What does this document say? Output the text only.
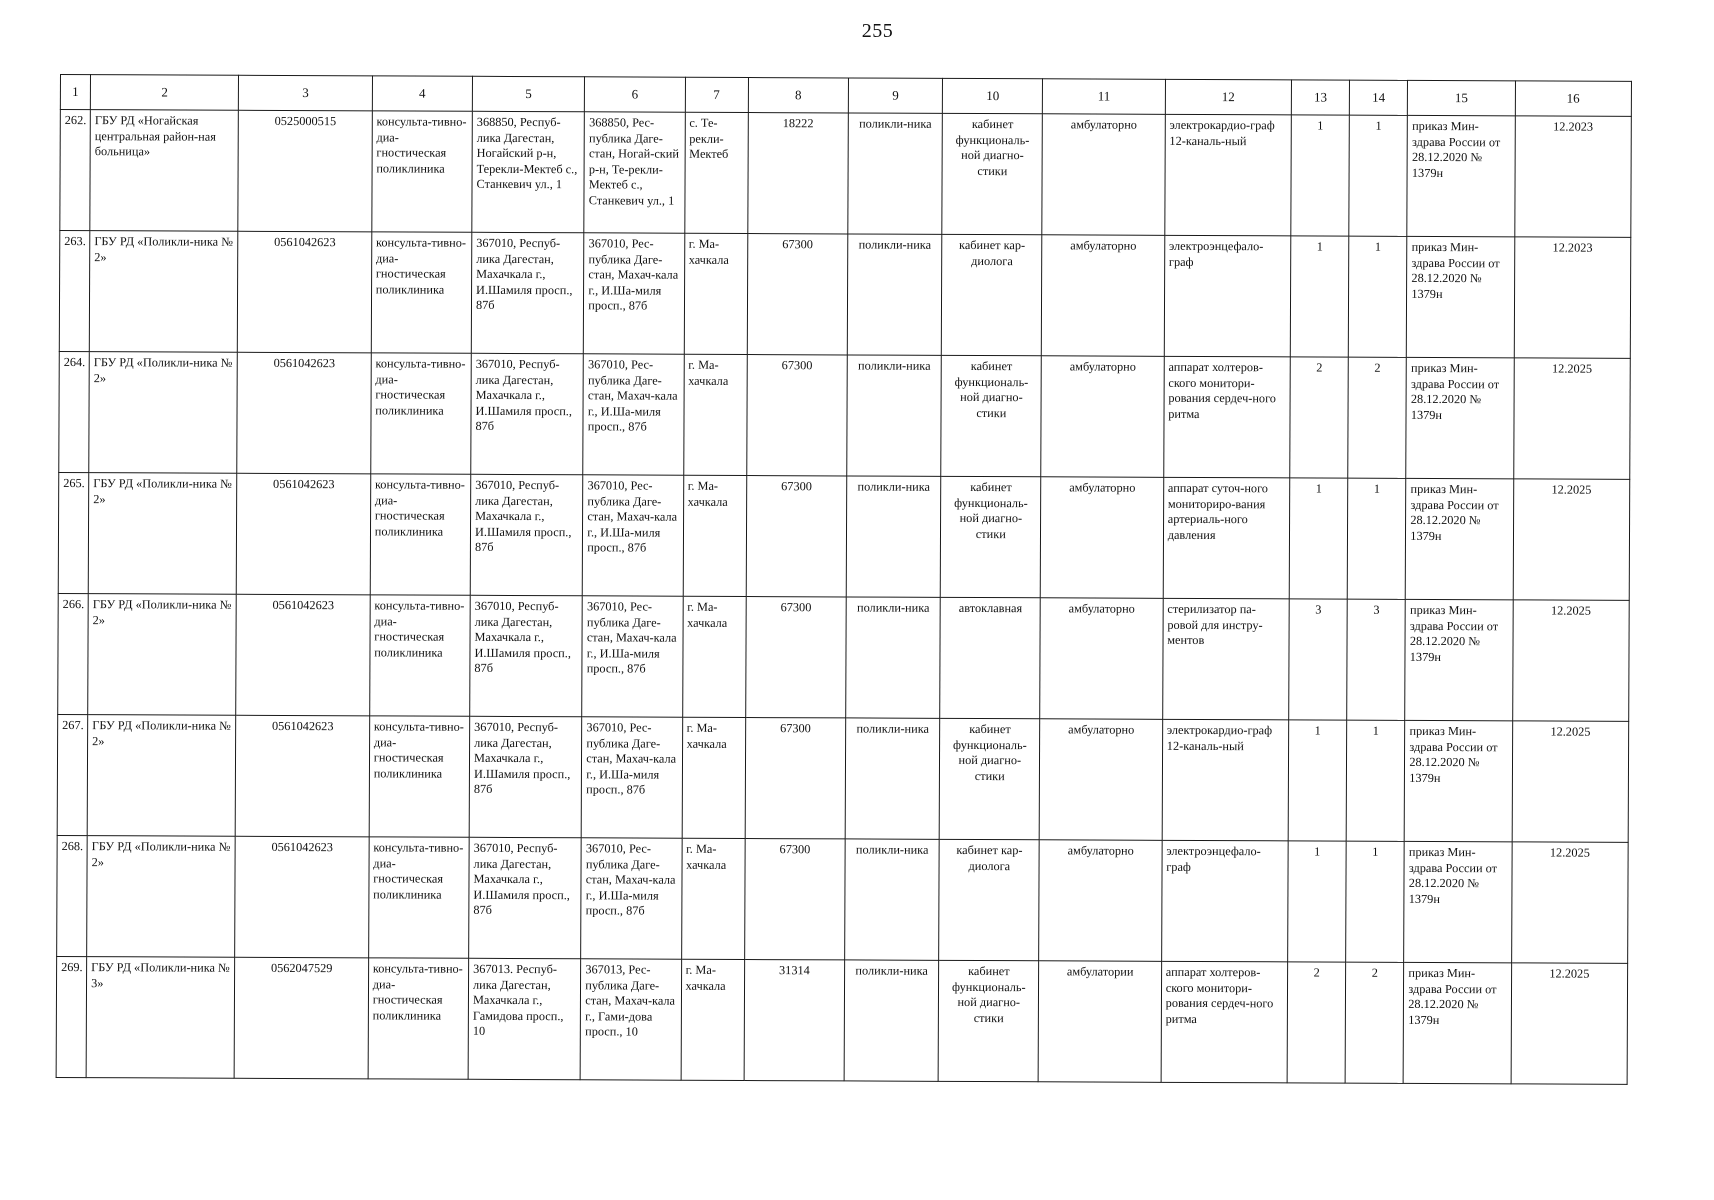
255
1	2	3	4	5	6	7	8	9	10	11	12	13	14	15	16
262.	ГБУ РД «Ногайская центральная район-ная больница»	0525000515	консульта-тивно-диа-гностическая поликлиника	368850, Респуб-лика Дагестан, Ногайский р-н, Терекли-Мектеб с., Станкевич ул., 1	368850, Рес-публика Даге-стан, Ногай-ский р-н, Те-рекли-Мектеб с., Станкевич ул., 1	с. Те-рекли-Мектеб	18222	поликли-ника	кабинет функциональ-ной диагно-стики	амбулаторно	электрокардио-граф 12-каналь-ный	1	1	приказ Мин-здрава России от 28.12.2020 № 1379н	12.2023
263.	ГБУ РД «Поликли-ника № 2»	0561042623	консульта-тивно-диа-гностическая поликлиника	367010, Респуб-лика Дагестан, Махачкала г., И.Шамиля просп., 87б	367010, Рес-публика Даге-стан, Махач-кала г., И.Ша-миля просп., 87б	г. Ма-хачкала	67300	поликли-ника	кабинет кар-диолога	амбулаторно	электроэнцефало-граф	1	1	приказ Мин-здрава России от 28.12.2020 № 1379н	12.2023
264.	ГБУ РД «Поликли-ника № 2»	0561042623	консульта-тивно-диа-гностическая поликлиника	367010, Респуб-лика Дагестан, Махачкала г., И.Шамиля просп., 87б	367010, Рес-публика Даге-стан, Махач-кала г., И.Ша-миля просп., 87б	г. Ма-хачкала	67300	поликли-ника	кабинет функциональ-ной диагно-стики	амбулаторно	аппарат холтеров-ского монитори-рования сердеч-ного ритма	2	2	приказ Мин-здрава России от 28.12.2020 № 1379н	12.2025
265.	ГБУ РД «Поликли-ника № 2»	0561042623	консульта-тивно-диа-гностическая поликлиника	367010, Респуб-лика Дагестан, Махачкала г., И.Шамиля просп., 87б	367010, Рес-публика Даге-стан, Махач-кала г., И.Ша-миля просп., 87б	г. Ма-хачкала	67300	поликли-ника	кабинет функциональ-ной диагно-стики	амбулаторно	аппарат суточ-ного мониториро-вания артериаль-ного давления	1	1	приказ Мин-здрава России от 28.12.2020 № 1379н	12.2025
266.	ГБУ РД «Поликли-ника № 2»	0561042623	консульта-тивно-диа-гностическая поликлиника	367010, Респуб-лика Дагестан, Махачкала г., И.Шамиля просп., 87б	367010, Рес-публика Даге-стан, Махач-кала г., И.Ша-миля просп., 87б	г. Ма-хачкала	67300	поликли-ника	автоклавная	амбулаторно	стерилизатор па-ровой для инстру-ментов	3	3	приказ Мин-здрава России от 28.12.2020 № 1379н	12.2025
267.	ГБУ РД «Поликли-ника № 2»	0561042623	консульта-тивно-диа-гностическая поликлиника	367010, Респуб-лика Дагестан, Махачкала г., И.Шамиля просп., 87б	367010, Рес-публика Даге-стан, Махач-кала г., И.Ша-миля просп., 87б	г. Ма-хачкала	67300	поликли-ника	кабинет функциональ-ной диагно-стики	амбулаторно	электрокардио-граф 12-каналь-ный	1	1	приказ Мин-здрава России от 28.12.2020 № 1379н	12.2025
268.	ГБУ РД «Поликли-ника № 2»	0561042623	консульта-тивно-диа-гностическая поликлиника	367010, Респуб-лика Дагестан, Махачкала г., И.Шамиля просп., 87б	367010, Рес-публика Даге-стан, Махач-кала г., И.Ша-миля просп., 87б	г. Ма-хачкала	67300	поликли-ника	кабинет кар-диолога	амбулаторно	электроэнцефало-граф	1	1	приказ Мин-здрава России от 28.12.2020 № 1379н	12.2025
269.	ГБУ РД «Поликли-ника № 3»	0562047529	консульта-тивно-диа-гностическая поликлиника	367013. Респуб-лика Дагестан, Махачкала г., Гамидова просп., 10	367013, Рес-публика Даге-стан, Махач-кала г., Гами-дова просп., 10	г. Ма-хачкала	31314	поликли-ника	кабинет функциональ-ной диагно-стики	амбулатории	аппарат холтеров-ского монитори-рования сердеч-ного ритма	2	2	приказ Мин-здрава России от 28.12.2020 № 1379н	12.2025
